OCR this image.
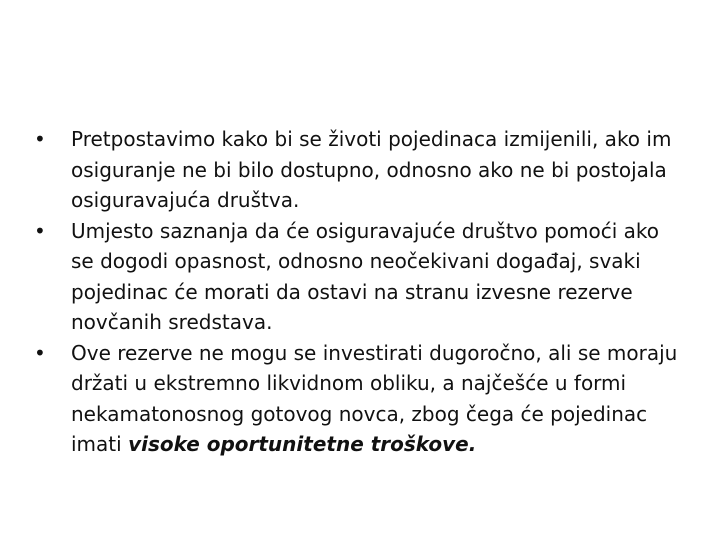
•	Pretpostavimo kako bi se životi pojedinaca izmijenili, ako im osiguranje ne bi bilo dostupno, odnosno ako ne bi postojala osiguravajuća društva.
•	Umjesto saznanja da će osiguravajuće društvo pomoći ako se dogodi opasnost, odnosno neočekivani događaj, svaki pojedinac će morati da ostavi na stranu izvesne rezerve novčanih sredstava.
•	Ove rezerve ne mogu se investirati dugoročno, ali se moraju držati u ekstremno likvidnom obliku, a najčešće u formi nekamatonosnog gotovog novca, zbog čega će pojedinac imati visoke oportunitetne troškove.
